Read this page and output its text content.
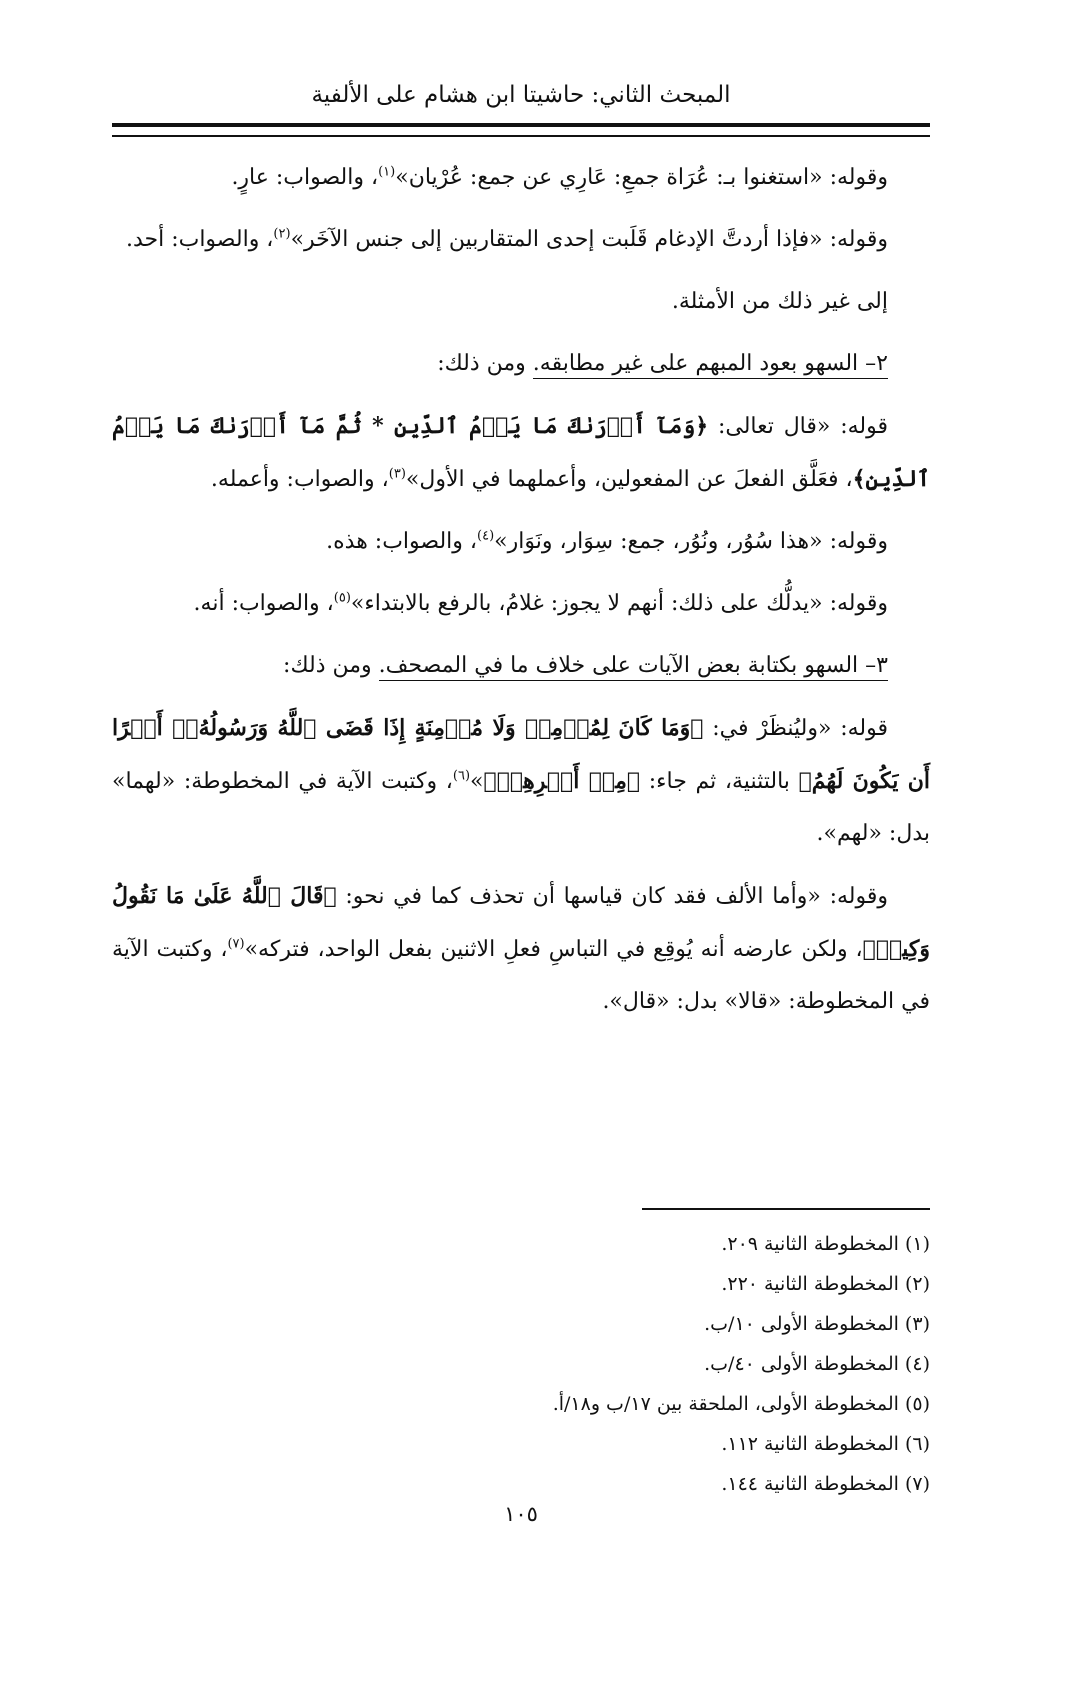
المبحث الثاني: حاشيتا ابن هشام على الألفية

وقوله: «استغنوا بـ: عُرَاة جمعِ: عَارِي عن جمع: عُرْيان»$^{(١)}$، والصواب: عارٍ.

وقوله: «فإذا أردتَّ الإدغام قَلَبت إحدى المتقاربين إلى جنس الآخَر»$^{(٢)}$، والصواب: أحد.

إلى غير ذلك من الأمثلة.

٢– السهو بعود المبهم على غير مطابقه. ومن ذلك:

قوله: «قال تعالى: ﴿وَمَآ أَدۡرَىٰكَ مَا يَوۡمُ ٱلدِّينِ * ثُمَّ مَآ أَدۡرَىٰكَ مَا يَوۡمُ ٱلدِّينِ﴾، فعَلَّق الفعلَ عن المفعولين، وأعملهما في الأول»$^{(٣)}$، والصواب: وأعمله.

وقوله: «هذا سُوُر، ونُوُر، جمع: سِوَار، ونَوَار»$^{(٤)}$، والصواب: هذه.

وقوله: «يدلُّك على ذلك: أنهم لا يجوز: غلامُ، بالرفع بالابتداء»$^{(٥)}$، والصواب: أنه.

٣– السهو بكتابة بعض الآيات على خلاف ما في المصحف. ومن ذلك:

قوله: «وليُنظَرْ في: ﴿وَمَا كَانَ لِمُؤۡمِنٖ وَلَا مُؤۡمِنَةٍ إِذَا قَضَى ٱللَّهُ وَرَسُولُهُۥٓ أَمۡرًا أَن يَكُونَ لَهُمُ﴾ بالتثنية، ثم جاء: ﴿مِنۡ أَمۡرِهِمۡ﴾»$^{(٦)}$، وكتبت الآية في المخطوطة: «لهما» بدل: «لهم».

وقوله: «وأما الألف فقد كان قياسها أن تحذف كما في نحو: ﴿قَالَ ٱللَّهُ عَلَىٰ مَا نَقُولُ وَكِيلٞ﴾، ولكن عارضه أنه يُوقِع في التباسِ فعلِ الاثنين بفعل الواحد، فتركه»$^{(٧)}$، وكتبت الآية في المخطوطة: «قالا» بدل: «قال».

(١) المخطوطة الثانية ٢٠٩.
(٢) المخطوطة الثانية ٢٢٠.
(٣) المخطوطة الأولى ١٠/ب.
(٤) المخطوطة الأولى ٤٠/ب.
(٥) المخطوطة الأولى، الملحقة بين ١٧/ب و١٨/أ.
(٦) المخطوطة الثانية ١١٢.
(٧) المخطوطة الثانية ١٤٤.
١٠٥
